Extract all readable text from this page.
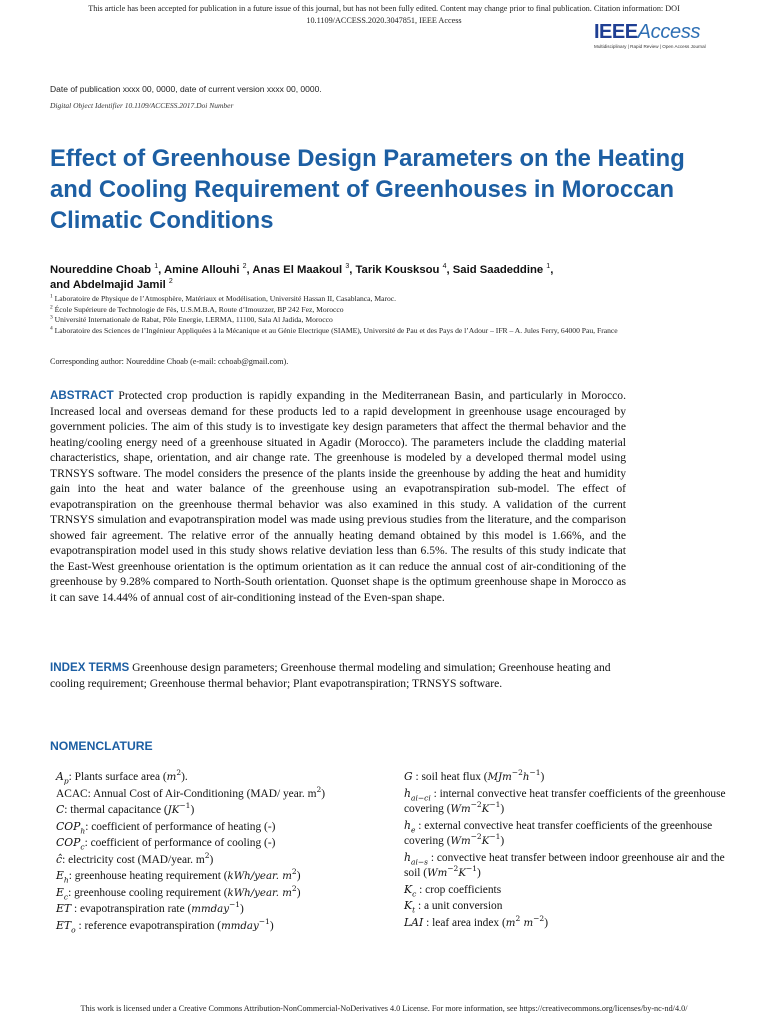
This article has been accepted for publication in a future issue of this journal, but has not been fully edited. Content may change prior to final publication. Citation information: DOI
10.1109/ACCESS.2020.3047851, IEEE Access
IEEEAccess
Multidisciplinary | Rapid Review | Open Access Journal
Date of publication xxxx 00, 0000, date of current version xxxx 00, 0000.
Digital Object Identifier 10.1109/ACCESS.2017.Doi Number
Effect of Greenhouse Design Parameters on the Heating and Cooling Requirement of Greenhouses in Moroccan Climatic Conditions
Noureddine Choab $^1$, Amine Allouhi $^2$, Anas El Maakoul $^3$, Tarik Kousksou $^4$, Said Saadeddine $^1$, and Abdelmajid Jamil $^2$
$^1$ Laboratoire de Physique de l’Atmosphère, Matériaux et Modélisation, Université Hassan II, Casablanca, Maroc.
$^2$ École Supérieure de Technologie de Fès, U.S.M.B.A, Route d’Imouzzer, BP 242 Fez, Morocco
$^3$ Université Internationale de Rabat, Pôle Energie, LERMA, 11100, Sala Al Jadida, Morocco
$^4$ Laboratoire des Sciences de l’Ingénieur Appliquées à la Mécanique et au Génie Electrique (SIAME), Université de Pau et des Pays de l’Adour – IFR – A. Jules Ferry, 64000 Pau, France
Corresponding author: Noureddine Choab (e-mail: cchoab@gmail.com).
ABSTRACT Protected crop production is rapidly expanding in the Mediterranean Basin, and particularly in Morocco. Increased local and overseas demand for these products led to a rapid development in greenhouse usage encouraged by government policies. The aim of this study is to investigate key design parameters that affect the thermal behavior and the heating/cooling energy need of a greenhouse situated in Agadir (Morocco). The parameters include the cladding material characteristics, shape, orientation, and air change rate. The greenhouse is modeled by a developed thermal model using TRNSYS software. The model considers the presence of the plants inside the greenhouse by adding the heat and humidity gain into the heat and water balance of the greenhouse using an evapotranspiration sub-model. The effect of evapotranspiration on the greenhouse thermal behavior was also examined in this study. A validation of the current TRNSYS simulation and evapotranspiration model was made using previous studies from the literature, and the comparison showed fair agreement. The relative error of the annually heating demand obtained by this model is 1.66%, and the evapotranspiration model used in this study shows relative deviation less than 6.5%. The results of this study indicate that the East-West greenhouse orientation is the optimum orientation as it can reduce the annual cost of air-conditioning of the greenhouse by 9.28% compared to North-South orientation. Quonset shape is the optimum greenhouse shape in Morocco as it can save 14.44% of annual cost of air-conditioning instead of the Even-span shape.
INDEX TERMS Greenhouse design parameters; Greenhouse thermal modeling and simulation; Greenhouse heating and cooling requirement; Greenhouse thermal behavior; Plant evapotranspiration; TRNSYS software.
NOMENCLATURE
$A_p$: Plants surface area $(m^2)$.
ACAC: Annual Cost of Air-Conditioning (MAD/ year. $m^2$)
C: thermal capacitance $(JK^{-1})$
$COP_h$: coefficient of performance of heating (-)
$COP_c$: coefficient of performance of cooling (-)
ĉ: electricity cost (MAD/year. $m^2$)
$E_h$: greenhouse heating requirement (kWh/year. $m^2$)
$E_c$: greenhouse cooling requirement (kWh/year. $m^2$)
ET : evapotranspiration rate (mmday$^{-1}$)
$ET_o$ : reference evapotranspiration (mmday$^{-1}$)
G : soil heat flux $(MJm^{-2}h^{-1})$
$h_{ai-ci}$ : internal convective heat transfer coefficients of the greenhouse covering $(Wm^{-2}K^{-1})$
$h_e$ : external convective heat transfer coefficients of the greenhouse covering $(Wm^{-2}K^{-1})$
$h_{ai-s}$ : convective heat transfer between indoor greenhouse air and the soil $(Wm^{-2}K^{-1})$
$K_c$ : crop coefficients
$K_t$ : a unit conversion
LAI : leaf area index ($m^2$ $m^{-2}$)
This work is licensed under a Creative Commons Attribution-NonCommercial-NoDerivatives 4.0 License. For more information, see https://creativecommons.org/licenses/by-nc-nd/4.0/
